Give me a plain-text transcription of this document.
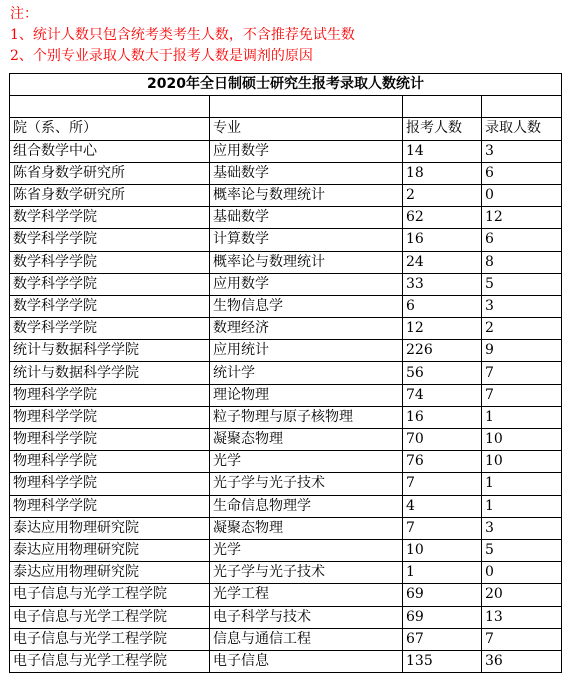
注：
1、统计人数只包含统考类考生人数，不含推荐免试生数
2、个别专业录取人数大于报考人数是调剂的原因
2020年全日制硕士研究生报考录取人数统计			

院（系、所）	专业	报考人数	录取人数
组合数学中心	应用数学	14	3
陈省身数学研究所	基础数学	18	6
陈省身数学研究所	概率论与数理统计	2	0
数学科学学院	基础数学	62	12
数学科学学院	计算数学	16	6
数学科学学院	概率论与数理统计	24	8
数学科学学院	应用数学	33	5
数学科学学院	生物信息学	6	3
数学科学学院	数理经济	12	2
统计与数据科学学院	应用统计	226	9
统计与数据科学学院	统计学	56	7
物理科学学院	理论物理	74	7
物理科学学院	粒子物理与原子核物理	16	1
物理科学学院	凝聚态物理	70	10
物理科学学院	光学	76	10
物理科学学院	光子学与光子技术	7	1
物理科学学院	生命信息物理学	4	1
泰达应用物理研究院	凝聚态物理	7	3
泰达应用物理研究院	光学	10	5
泰达应用物理研究院	光子学与光子技术	1	0
电子信息与光学工程学院	光学工程	69	20
电子信息与光学工程学院	电子科学与技术	69	13
电子信息与光学工程学院	信息与通信工程	67	7
电子信息与光学工程学院	电子信息	135	36
